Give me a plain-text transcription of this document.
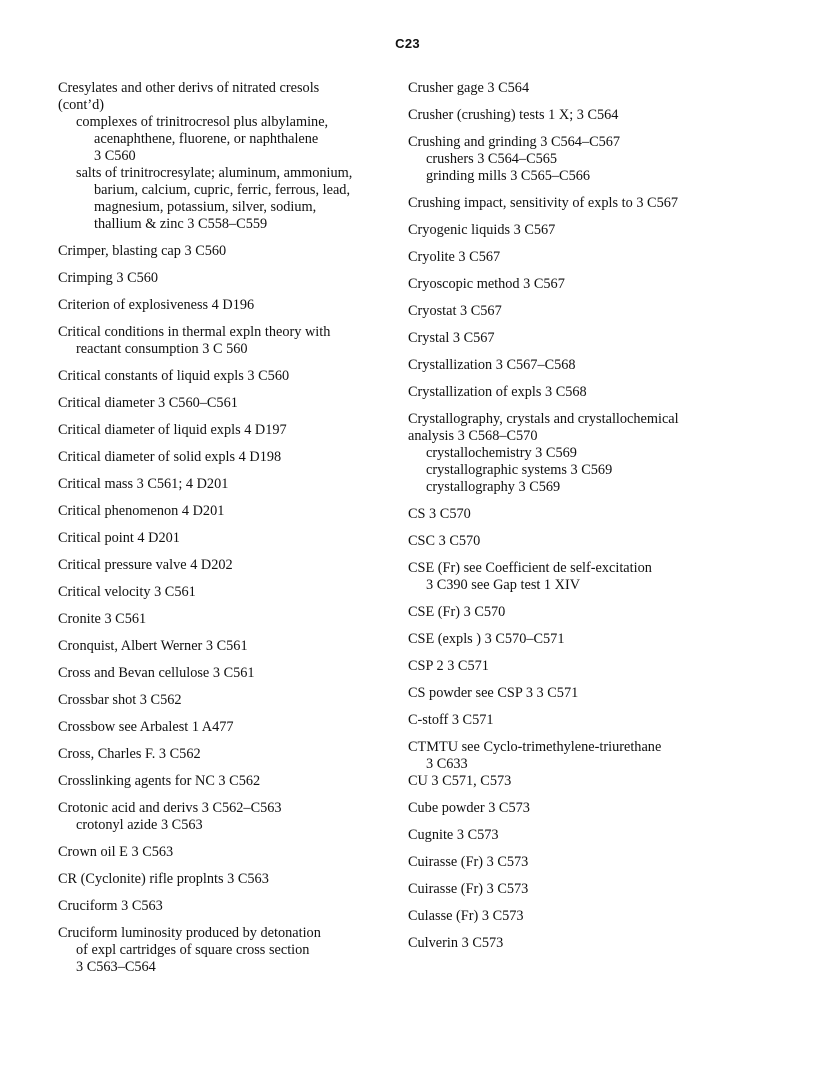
C23
Cresylates and other derivs of nitrated cresols
(cont’d)
complexes of trinitrocresol plus albylamine,
acenaphthene, fluorene, or naphthalene
3 C560
salts of trinitrocresylate; aluminum, ammonium,
barium, calcium, cupric, ferric, ferrous, lead,
magnesium, potassium, silver, sodium,
thallium & zinc 3 C558–C559
Crimper, blasting cap 3 C560
Crimping 3 C560
Criterion of explosiveness 4 D196
Critical conditions in thermal expln theory with
reactant consumption 3 C 560
Critical constants of liquid expls 3 C560
Critical diameter 3 C560–C561
Critical diameter of liquid expls 4 D197
Critical diameter of solid expls 4 D198
Critical mass 3 C561; 4 D201
Critical phenomenon 4 D201
Critical point 4 D201
Critical pressure valve 4 D202
Critical velocity 3 C561
Cronite 3 C561
Cronquist, Albert Werner 3 C561
Cross and Bevan cellulose 3 C561
Crossbar shot 3 C562
Crossbow see Arbalest 1 A477
Cross, Charles F. 3 C562
Crosslinking agents for NC 3 C562
Crotonic acid and derivs 3 C562–C563
crotonyl azide 3 C563
Crown oil E 3 C563
CR (Cyclonite) rifle proplnts 3 C563
Cruciform 3 C563
Cruciform luminosity produced by detonation
of expl cartridges of square cross section
3 C563–C564
Crusher gage 3 C564
Crusher (crushing) tests 1 X; 3 C564
Crushing and grinding 3 C564–C567
crushers 3 C564–C565
grinding mills 3 C565–C566
Crushing impact, sensitivity of expls to 3 C567
Cryogenic liquids 3 C567
Cryolite 3 C567
Cryoscopic method 3 C567
Cryostat 3 C567
Crystal 3 C567
Crystallization 3 C567–C568
Crystallization of expls 3 C568
Crystallography, crystals and crystallochemical
analysis 3 C568–C570
crystallochemistry 3 C569
crystallographic systems 3 C569
crystallography 3 C569
CS 3 C570
CSC 3 C570
CSE (Fr) see Coefficient de self-excitation
3 C390 see Gap test 1 XIV
CSE (Fr) 3 C570
CSE (expls ) 3 C570–C571
CSP 2 3 C571
CS powder see CSP 3 3 C571
C-stoff 3 C571
CTMTU see Cyclo-trimethylene-triurethane
3 C633
CU 3 C571, C573
Cube powder 3 C573
Cugnite 3 C573
Cuirasse (Fr) 3 C573
Cuirasse (Fr) 3 C573
Culasse (Fr) 3 C573
Culverin 3 C573
